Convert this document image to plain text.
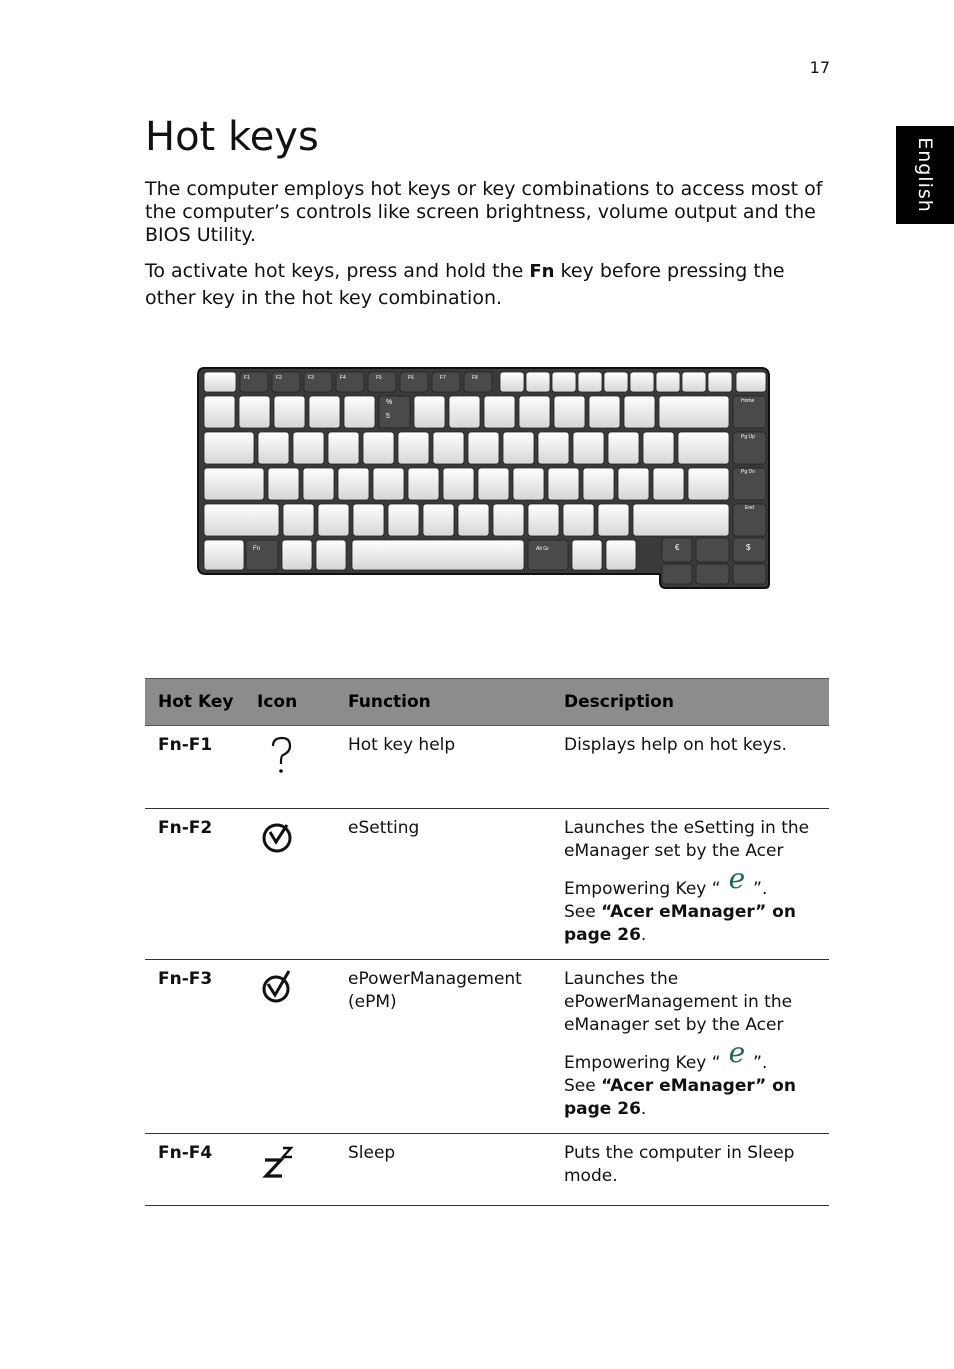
17
English
Hot keys

The computer employs hot keys or key combinations to access most of the computer’s controls like screen brightness, volume output and the BIOS Utility.

To activate hot keys, press and hold the Fn key before pressing the other key in the hot key combination.

F1	F2	F3	F4	F5	F6	F7	F8
%
5
Home
Pg Up
Pg Dn
End
Fn	Alt Gr	€	$
Hot Key	Icon	Function	Description
Fn-F1		Hot key help	Displays help on hot keys.
Fn-F2		eSetting	Launches the eSetting in the eManager set by the Acer
Empowering Key “ e ”.
See “Acer eManager” on page 26.

Fn-F3		ePowerManagement (ePM)	Launches the ePowerManagement in the eManager set by the Acer
Empowering Key “ e ”.
See “Acer eManager” on page 26.

Fn-F4		Sleep	Puts the computer in Sleep mode.
